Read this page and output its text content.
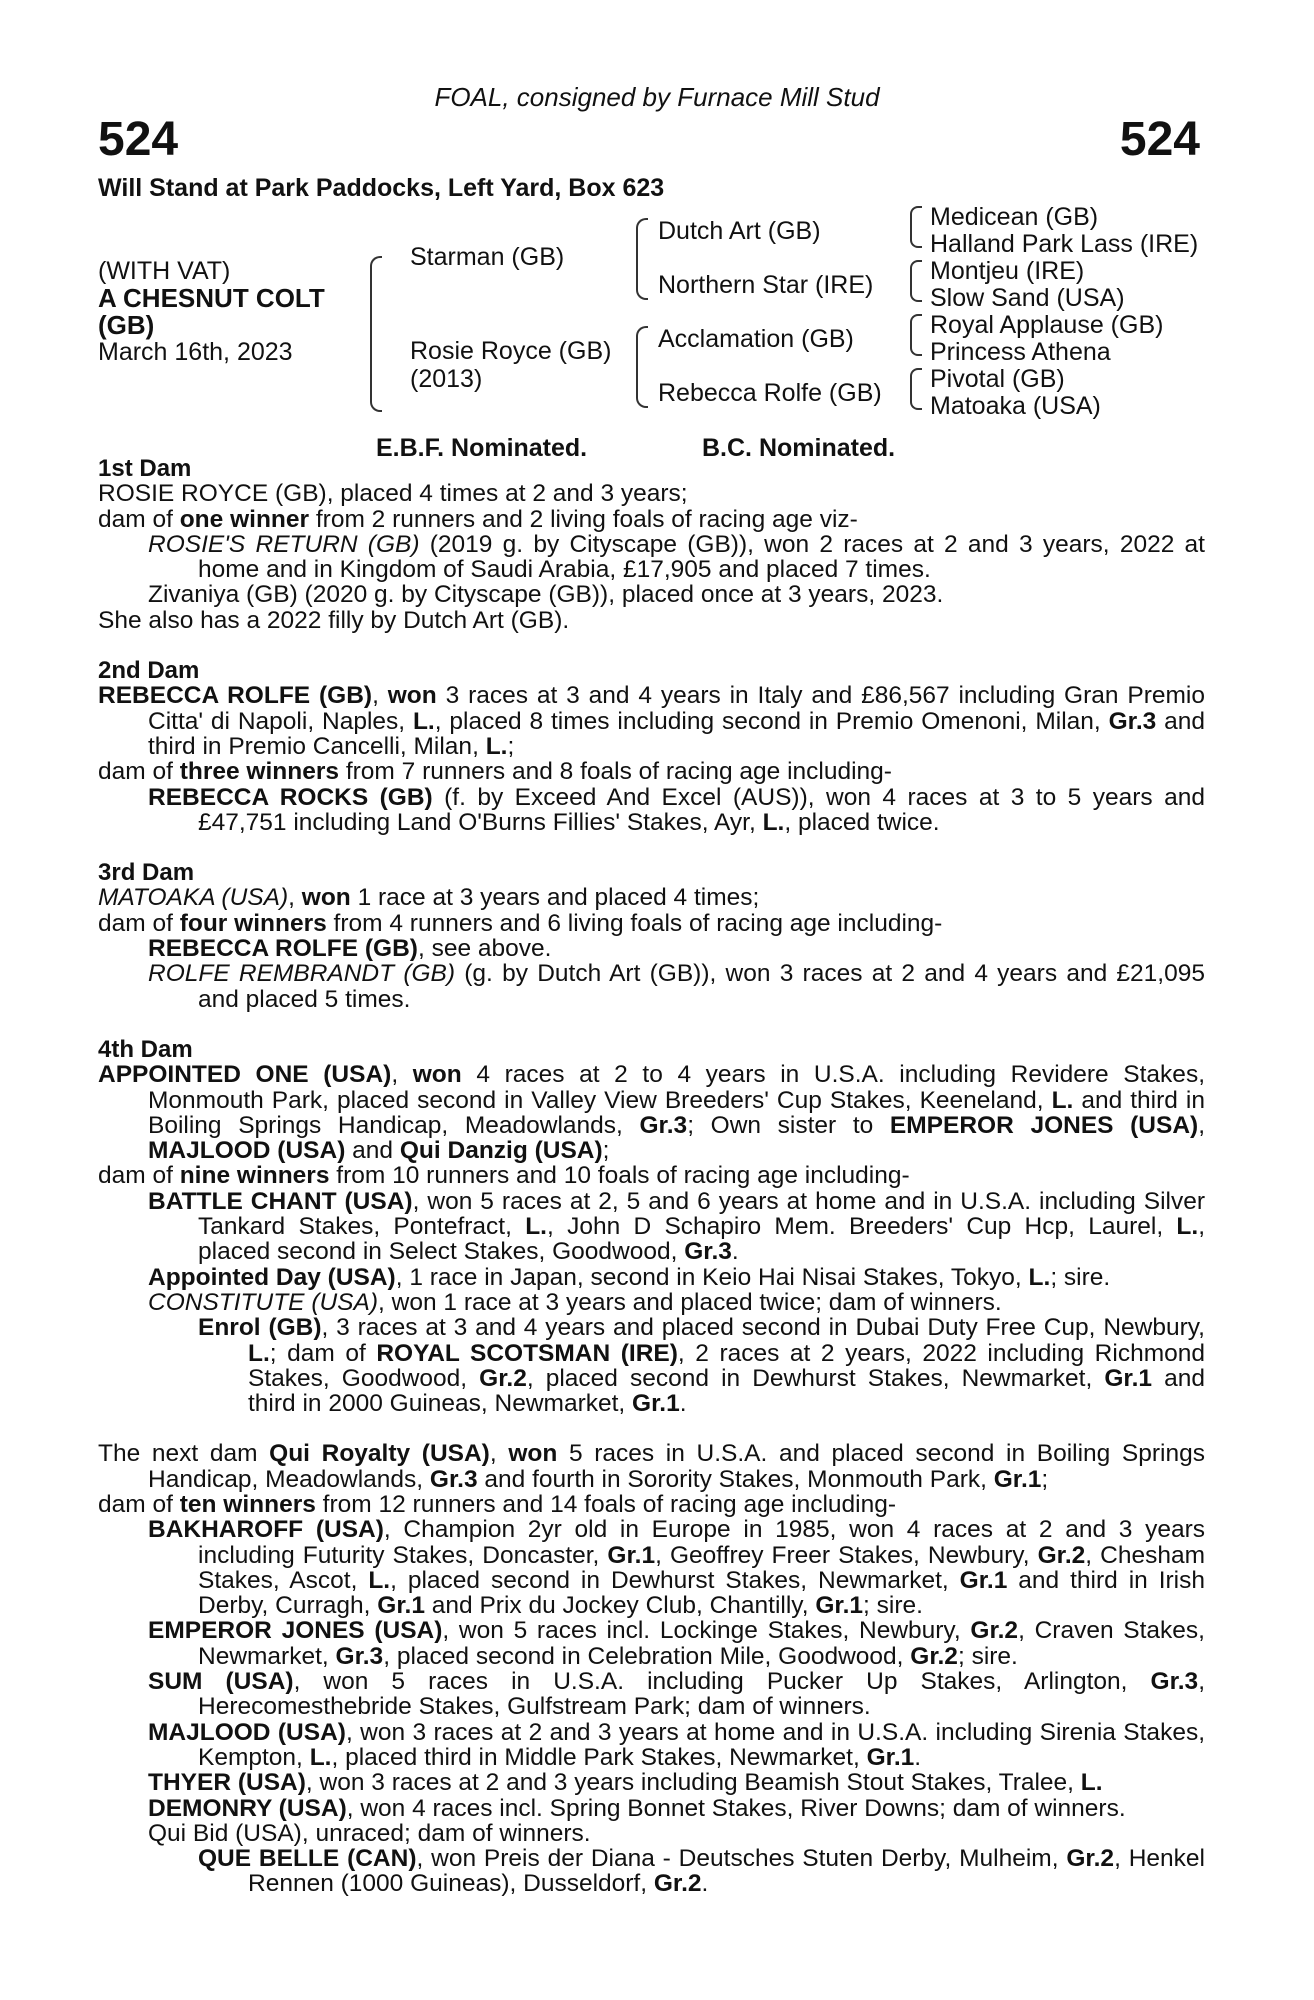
FOAL, consigned by Furnace Mill Stud
524	524
Will Stand at Park Paddocks, Left Yard, Box 623
(WITH VAT)
A CHESNUT COLT
(GB)
March 16th, 2023
Starman (GB)
Rosie Royce (GB)
(2013)
Dutch Art (GB)
Northern Star (IRE)
Acclamation (GB)
Rebecca Rolfe (GB)
Medicean (GB)
Halland Park Lass (IRE)
Montjeu (IRE)
Slow Sand (USA)
Royal Applause (GB)
Princess Athena
Pivotal (GB)
Matoaka (USA)
E.B.F. Nominated.	B.C. Nominated.

1st Dam

ROSIE ROYCE (GB), placed 4 times at 2 and 3 years;

dam of one winner from 2 runners and 2 living foals of racing age viz-

ROSIE'S RETURN (GB) (2019 g. by Cityscape (GB)), won 2 races at 2 and 3 years, 2022 at home and in Kingdom of Saudi Arabia, £17,905 and placed 7 times.

Zivaniya (GB) (2020 g. by Cityscape (GB)), placed once at 3 years, 2023.

She also has a 2022 filly by Dutch Art (GB).

2nd Dam

REBECCA ROLFE (GB), won 3 races at 3 and 4 years in Italy and £86,567 including Gran Premio Citta' di Napoli, Naples, L., placed 8 times including second in Premio Omenoni, Milan, Gr.3 and third in Premio Cancelli, Milan, L.;

dam of three winners from 7 runners and 8 foals of racing age including-

REBECCA ROCKS (GB) (f. by Exceed And Excel (AUS)), won 4 races at 3 to 5 years and £47,751 including Land O'Burns Fillies' Stakes, Ayr, L., placed twice.

3rd Dam

MATOAKA (USA), won 1 race at 3 years and placed 4 times;

dam of four winners from 4 runners and 6 living foals of racing age including-

REBECCA ROLFE (GB), see above.

ROLFE REMBRANDT (GB) (g. by Dutch Art (GB)), won 3 races at 2 and 4 years and £21,095 and placed 5 times.

4th Dam

APPOINTED ONE (USA), won 4 races at 2 to 4 years in U.S.A. including Revidere Stakes, Monmouth Park, placed second in Valley View Breeders' Cup Stakes, Keeneland, L. and third in Boiling Springs Handicap, Meadowlands, Gr.3; Own sister to EMPEROR JONES (USA), MAJLOOD (USA) and Qui Danzig (USA);

dam of nine winners from 10 runners and 10 foals of racing age including-

BATTLE CHANT (USA), won 5 races at 2, 5 and 6 years at home and in U.S.A. including Silver Tankard Stakes, Pontefract, L., John D Schapiro Mem. Breeders' Cup Hcp, Laurel, L., placed second in Select Stakes, Goodwood, Gr.3.

Appointed Day (USA), 1 race in Japan, second in Keio Hai Nisai Stakes, Tokyo, L.; sire.

CONSTITUTE (USA), won 1 race at 3 years and placed twice; dam of winners.

Enrol (GB), 3 races at 3 and 4 years and placed second in Dubai Duty Free Cup, Newbury, L.; dam of ROYAL SCOTSMAN (IRE), 2 races at 2 years, 2022 including Richmond Stakes, Goodwood, Gr.2, placed second in Dewhurst Stakes, Newmarket, Gr.1 and third in 2000 Guineas, Newmarket, Gr.1.

The next dam Qui Royalty (USA), won 5 races in U.S.A. and placed second in Boiling Springs Handicap, Meadowlands, Gr.3 and fourth in Sorority Stakes, Monmouth Park, Gr.1;

dam of ten winners from 12 runners and 14 foals of racing age including-

BAKHAROFF (USA), Champion 2yr old in Europe in 1985, won 4 races at 2 and 3 years including Futurity Stakes, Doncaster, Gr.1, Geoffrey Freer Stakes, Newbury, Gr.2, Chesham Stakes, Ascot, L., placed second in Dewhurst Stakes, Newmarket, Gr.1 and third in Irish Derby, Curragh, Gr.1 and Prix du Jockey Club, Chantilly, Gr.1; sire.

EMPEROR JONES (USA), won 5 races incl. Lockinge Stakes, Newbury, Gr.2, Craven Stakes, Newmarket, Gr.3, placed second in Celebration Mile, Goodwood, Gr.2; sire.

SUM (USA), won 5 races in U.S.A. including Pucker Up Stakes, Arlington, Gr.3, Herecomesthebride Stakes, Gulfstream Park; dam of winners.

MAJLOOD (USA), won 3 races at 2 and 3 years at home and in U.S.A. including Sirenia Stakes, Kempton, L., placed third in Middle Park Stakes, Newmarket, Gr.1.

THYER (USA), won 3 races at 2 and 3 years including Beamish Stout Stakes, Tralee, L.

DEMONRY (USA), won 4 races incl. Spring Bonnet Stakes, River Downs; dam of winners.

Qui Bid (USA), unraced; dam of winners.

QUE BELLE (CAN), won Preis der Diana - Deutsches Stuten Derby, Mulheim, Gr.2, Henkel Rennen (1000 Guineas), Dusseldorf, Gr.2.
